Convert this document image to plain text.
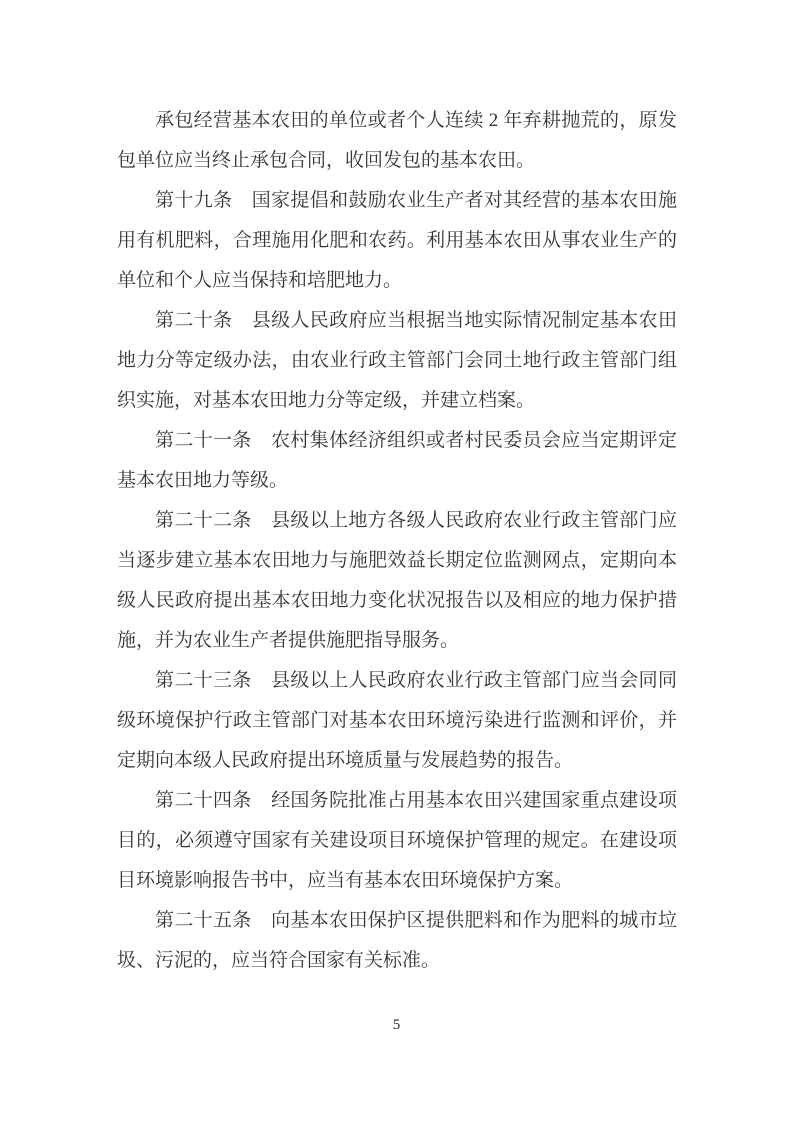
承包经营基本农田的单位或者个人连续 2 年弃耕抛荒的，原发
包单位应当终止承包合同，收回发包的基本农田。

第十九条　国家提倡和鼓励农业生产者对其经营的基本农田施
用有机肥料，合理施用化肥和农药。利用基本农田从事农业生产的
单位和个人应当保持和培肥地力。

第二十条　县级人民政府应当根据当地实际情况制定基本农田
地力分等定级办法，由农业行政主管部门会同土地行政主管部门组
织实施，对基本农田地力分等定级，并建立档案。

第二十一条　农村集体经济组织或者村民委员会应当定期评定
基本农田地力等级。

第二十二条　县级以上地方各级人民政府农业行政主管部门应
当逐步建立基本农田地力与施肥效益长期定位监测网点，定期向本
级人民政府提出基本农田地力变化状况报告以及相应的地力保护措
施，并为农业生产者提供施肥指导服务。

第二十三条　县级以上人民政府农业行政主管部门应当会同同
级环境保护行政主管部门对基本农田环境污染进行监测和评价，并
定期向本级人民政府提出环境质量与发展趋势的报告。

第二十四条　经国务院批准占用基本农田兴建国家重点建设项
目的，必须遵守国家有关建设项目环境保护管理的规定。在建设项
目环境影响报告书中，应当有基本农田环境保护方案。

第二十五条　向基本农田保护区提供肥料和作为肥料的城市垃
圾、污泥的，应当符合国家有关标准。

5
